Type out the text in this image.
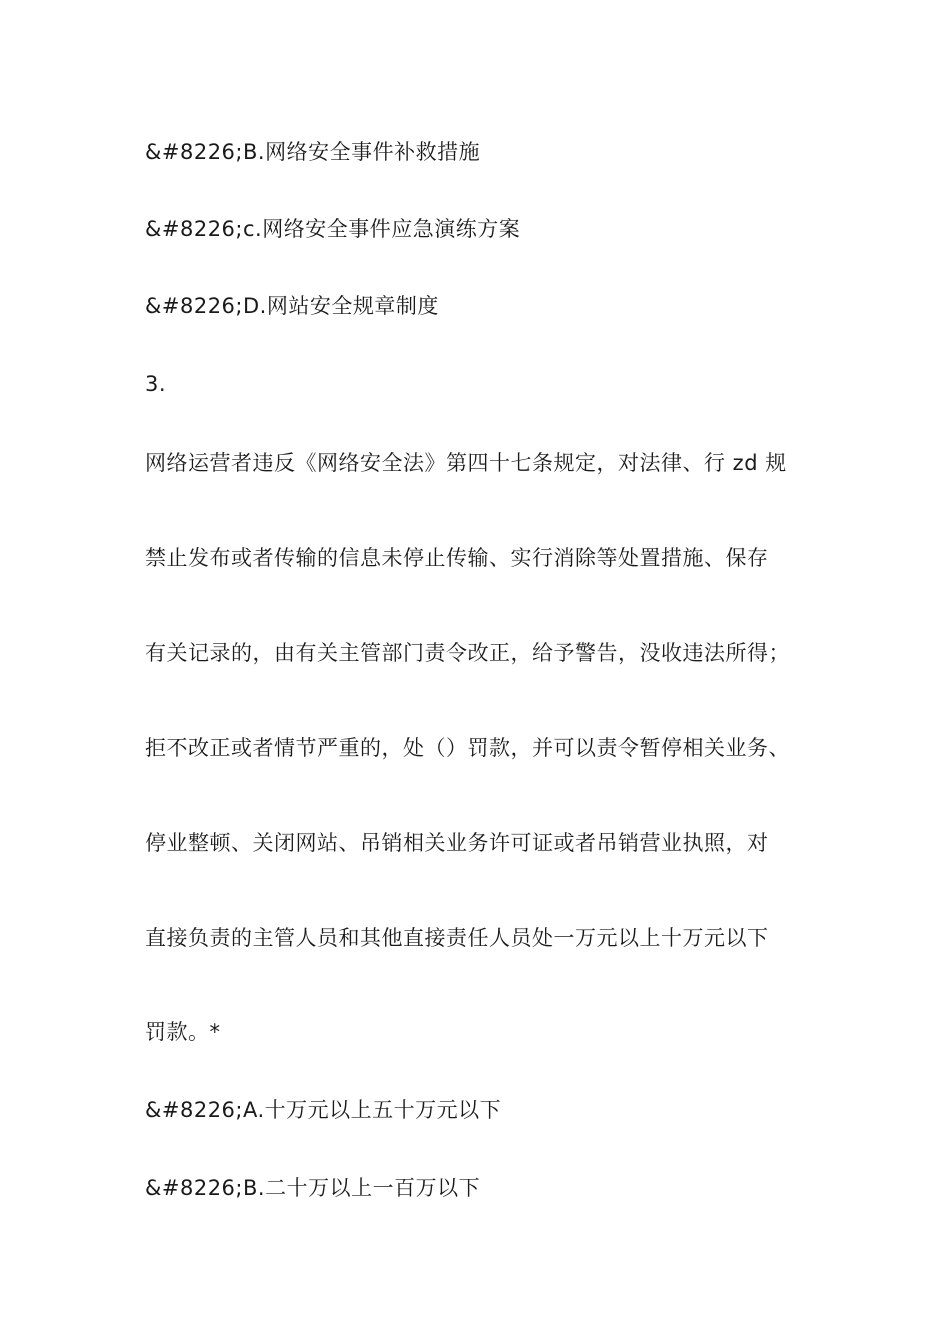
&#8226;B.网络安全事件补救措施
&#8226;c.网络安全事件应急演练方案
&#8226;D.网站安全规章制度
3.
网络运营者违反《网络安全法》第四十七条规定，对法律、行 zd 规
禁止发布或者传输的信息未停止传输、实行消除等处置措施、保存
有关记录的，由有关主管部门责令改正，给予警告，没收违法所得；
拒不改正或者情节严重的，处（）罚款，并可以责令暂停相关业务、
停业整顿、关闭网站、吊销相关业务许可证或者吊销营业执照，对
直接负责的主管人员和其他直接责任人员处一万元以上十万元以下
罚款。*
&#8226;A.十万元以上五十万元以下
&#8226;B.二十万以上一百万以下
